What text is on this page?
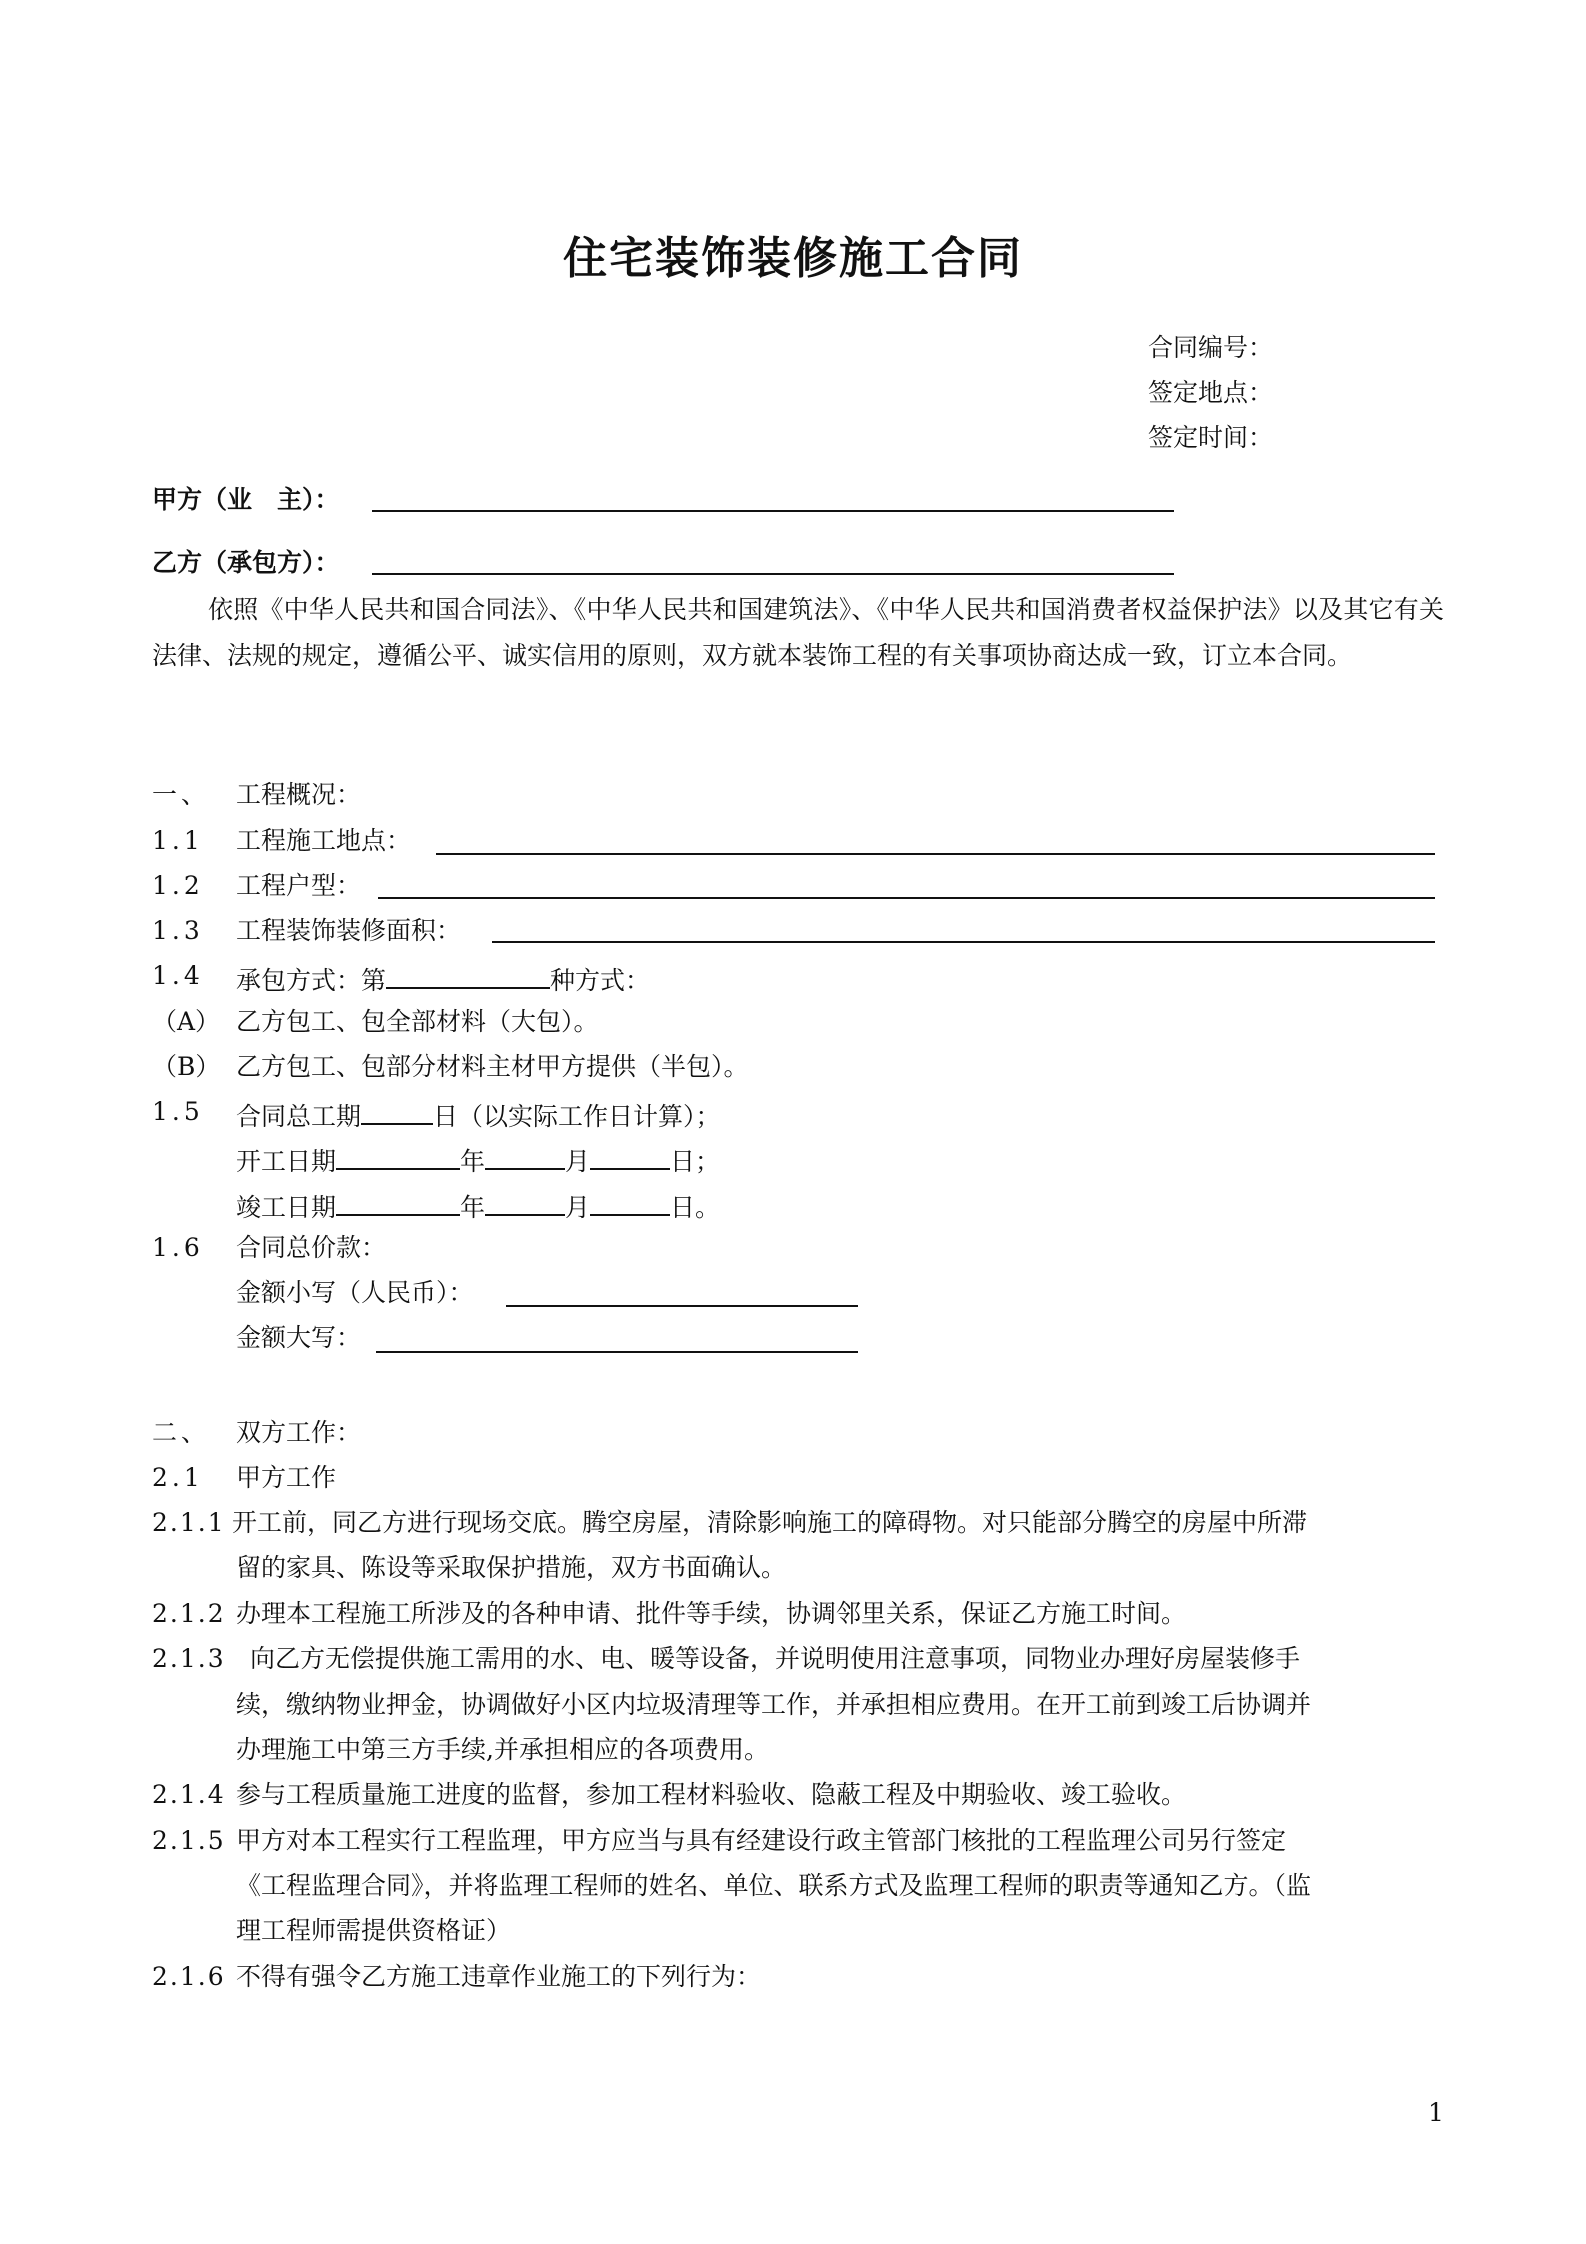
住宅装饰装修施工合同
合同编号：
签定地点：
签定时间：
甲方（业　主）：
乙方（承包方）：
依照《中华人民共和国合同法》、《中华人民共和国建筑法》、《中华人民共和国消费者权益保护法》以及其它有关法律、法规的规定，遵循公平、诚实信用的原则，双方就本装饰工程的有关事项协商达成一致，订立本合同。
一、 工程概况：
1.1 工程施工地点：
1.2 工程户型：
1.3 工程装饰装修面积：
1.4 承包方式：第	种方式：
（A） 乙方包工、包全部材料（大包）。
（B） 乙方包工、包部分材料主材甲方提供（半包）。
1.5 合同总工期	日（以实际工作日计算）；
开工日期	年	月	日；
竣工日期	年	月	日。
1.6 合同总价款：
金额小写（人民币）：
金额大写：
二、 双方工作：
2.1 甲方工作
2.1.1 开工前，同乙方进行现场交底。腾空房屋，清除影响施工的障碍物。对只能部分腾空的房屋中所滞
留的家具、陈设等采取保护措施，双方书面确认。
2.1.2 办理本工程施工所涉及的各种申请、批件等手续，协调邻里关系，保证乙方施工时间。
2.1.3 向乙方无偿提供施工需用的水、电、暖等设备，并说明使用注意事项，同物业办理好房屋装修手
续，缴纳物业押金，协调做好小区内垃圾清理等工作，并承担相应费用。在开工前到竣工后协调并
办理施工中第三方手续,并承担相应的各项费用。
2.1.4 参与工程质量施工进度的监督，参加工程材料验收、隐蔽工程及中期验收、竣工验收。
2.1.5 甲方对本工程实行工程监理，甲方应当与具有经建设行政主管部门核批的工程监理公司另行签定
《工程监理合同》，并将监理工程师的姓名、单位、联系方式及监理工程师的职责等通知乙方。（监
理工程师需提供资格证）
2.1.6 不得有强令乙方施工违章作业施工的下列行为：
1
